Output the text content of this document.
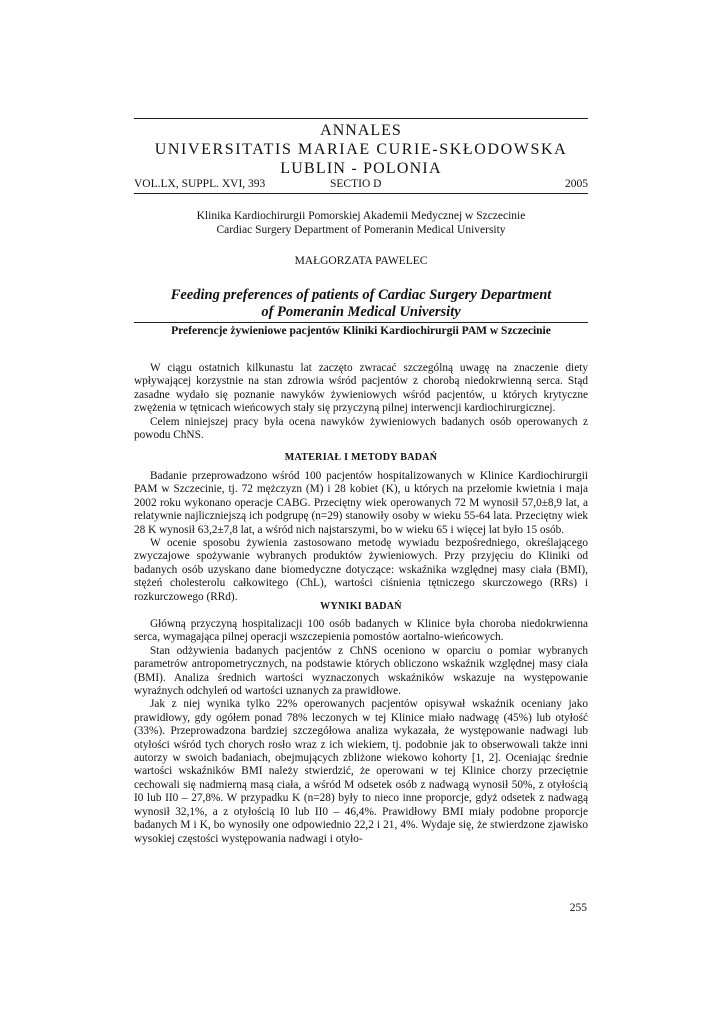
ANNALES
UNIVERSITATIS MARIAE CURIE-SKŁODOWSKA
LUBLIN - POLONIA
VOL.LX, SUPPL. XVI, 393	SECTIO D	2005
Klinika Kardiochirurgii Pomorskiej Akademii Medycznej w Szczecinie
Cardiac Surgery Department of Pomeranin Medical University
MAŁGORZATA PAWELEC
Feeding preferences of patients of Cardiac Surgery Department
of Pomeranin Medical University
Preferencje żywieniowe pacjentów Kliniki Kardiochirurgii PAM w Szczecinie

W ciągu ostatnich kilkunastu lat zaczęto zwracać szczególną uwagę na znaczenie diety wpływającej korzystnie na stan zdrowia wśród pacjentów z chorobą niedokrwienną serca. Stąd zasadne wydało się poznanie nawyków żywieniowych wśród pacjentów, u których krytyczne zwężenia w tętnicach wieńcowych stały się przyczyną pilnej interwencji kardiochirurgicznej.

Celem niniejszej pracy była ocena nawyków żywieniowych badanych osób operowanych z powodu ChNS.

MATERIAŁ I METODY BADAŃ

Badanie przeprowadzono wśród 100 pacjentów hospitalizowanych w Klinice Kardiochirurgii PAM w Szczecinie, tj. 72 mężczyzn (M) i 28 kobiet (K), u których na przełomie kwietnia i maja 2002 roku wykonano operacje CABG. Przeciętny wiek operowanych 72 M wynosił 57,0±8,9 lat, a relatywnie najliczniejszą ich podgrupę (n=29) stanowiły osoby w wieku 55-64 lata. Przeciętny wiek 28 K wynosił 63,2±7,8 lat, a wśród nich najstarszymi, bo w wieku 65 i więcej lat było 15 osób.

W ocenie sposobu żywienia zastosowano metodę wywiadu bezpośredniego, określającego zwyczajowe spożywanie wybranych produktów żywieniowych. Przy przyjęciu do Kliniki od badanych osób uzyskano dane biomedyczne dotyczące: wskaźnika względnej masy ciała (BMI), stężeń cholesterolu całkowitego (ChL), wartości ciśnienia tętniczego skurczowego (RRs) i rozkurczowego (RRd).

WYNIKI BADAŃ

Główną przyczyną hospitalizacji 100 osób badanych w Klinice była choroba niedokrwienna serca, wymagająca pilnej operacji wszczepienia pomostów aortalno-wieńcowych.

Stan odżywienia badanych pacjentów z ChNS oceniono w oparciu o pomiar wybranych parametrów antropometrycznych, na podstawie których obliczono wskaźnik względnej masy ciała (BMI). Analiza średnich wartości wyznaczonych wskaźników wskazuje na występowanie wyraźnych odchyleń od wartości uznanych za prawidłowe.

Jak z niej wynika tylko 22% operowanych pacjentów opisywał wskaźnik oceniany jako prawidłowy, gdy ogółem ponad 78% leczonych w tej Klinice miało nadwagę (45%) lub otyłość (33%). Przeprowadzona bardziej szczegółowa analiza wykazała, że występowanie nadwagi lub otyłości wśród tych chorych rosło wraz z ich wiekiem, tj. podobnie jak to obserwowali także inni autorzy w swoich badaniach, obejmujących zbliżone wiekowo kohorty [1, 2]. Oceniając średnie wartości wskaźników BMI należy stwierdzić, że operowani w tej Klinice chorzy przeciętnie cechowali się nadmierną masą ciała, a wśród M odsetek osób z nadwagą wynosił 50%, z otyłością I0 lub II0 – 27,8%. W przypadku K (n=28) były to nieco inne proporcje, gdyż odsetek z nadwagą wynosił 32,1%, a z otyłością I0 lub II0 – 46,4%. Prawidłowy BMI miały podobne proporcje badanych M i K, bo wynosiły one odpowiednio 22,2 i 21, 4%. Wydaje się, że stwierdzone zjawisko wysokiej częstości występowania nadwagi i otyło-

255
